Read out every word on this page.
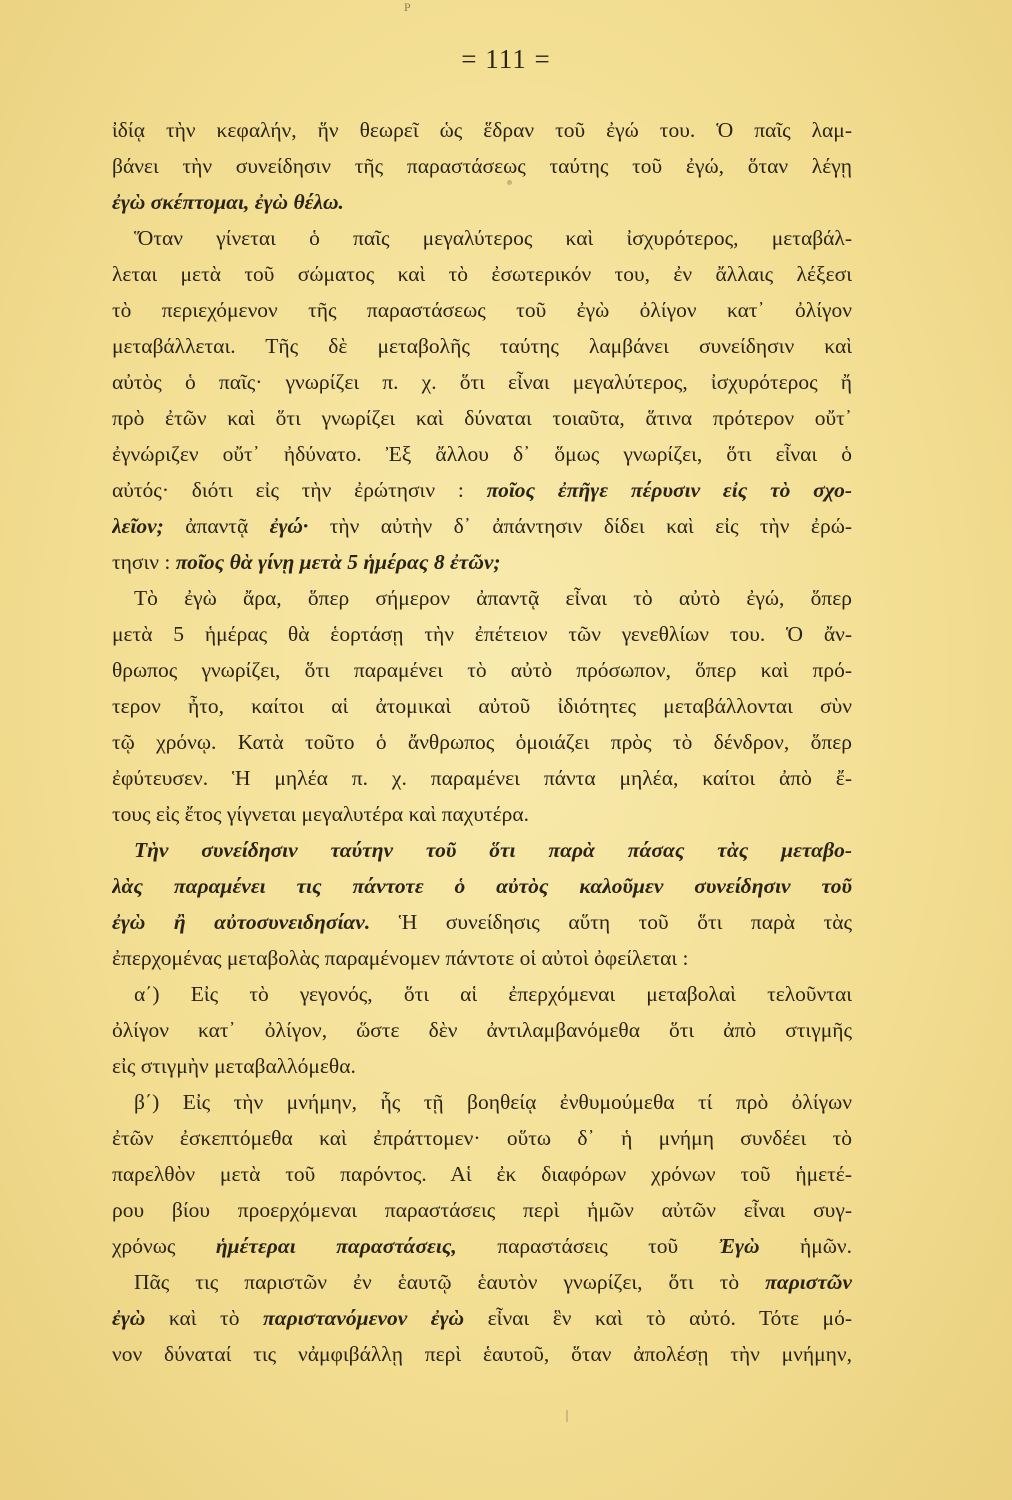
P
= 111 =
ἰδίᾳ τὴν κεφαλήν, ἥν θεωρεῖ ὡς ἕδραν τοῦ ἐγώ του. Ὁ παῖς λαμ-
βάνει τὴν συνείδησιν τῆς παραστάσεως ταύτης τοῦ ἐγώ, ὅταν λέγῃ
ἐγὼ σκέπτομαι, ἐγὼ θέλω.
Ὅταν γίνεται ὁ παῖς μεγαλύτερος καὶ ἰσχυρότερος, μεταβάλ-
λεται μετὰ τοῦ σώματος καὶ τὸ ἐσωτερικόν του, ἐν ἄλλαις λέξεσι
τὸ περιεχόμενον τῆς παραστάσεως τοῦ ἐγὼ ὀλίγον κατ᾽ ὀλίγον
μεταβάλλεται. Τῆς δὲ μεταβολῆς ταύτης λαμβάνει συνείδησιν καὶ
αὐτὸς ὁ παῖς· γνωρίζει π. χ. ὅτι εἶναι μεγαλύτερος, ἰσχυρότερος ἤ
πρὸ ἐτῶν καὶ ὅτι γνωρίζει καὶ δύναται τοιαῦτα, ἅτινα πρότερον οὔτ᾽
ἐγνώριζεν οὔτ᾽ ἠδύνατο. Ἐξ ἄλλου δ᾽ ὅμως γνωρίζει, ὅτι εἶναι ὁ
αὐτός· διότι εἰς τὴν ἐρώτησιν : ποῖος ἐπῆγε πέρυσιν εἰς τὸ σχο-
λεῖον; ἀπαντᾷ ἐγώ· τὴν αὐτὴν δ᾽ ἀπάντησιν δίδει καὶ εἰς τὴν ἐρώ-
τησιν : ποῖος θὰ γίνῃ μετὰ 5 ἡμέρας 8 ἐτῶν;
Τὸ ἐγὼ ἄρα, ὅπερ σήμερον ἀπαντᾷ εἶναι τὸ αὐτὸ ἐγώ, ὅπερ
μετὰ 5 ἡμέρας θὰ ἑορτάσῃ τὴν ἐπέτειον τῶν γενεθλίων του. Ὁ ἄν-
θρωπος γνωρίζει, ὅτι παραμένει τὸ αὐτὸ πρόσωπον, ὅπερ καὶ πρό-
τερον ἦτο, καίτοι αἱ ἀτομικαὶ αὐτοῦ ἰδιότητες μεταβάλλονται σὺν
τῷ χρόνῳ. Κατὰ τοῦτο ὁ ἄνθρωπος ὁμοιάζει πρὸς τὸ δένδρον, ὅπερ
ἐφύτευσεν. Ἡ μηλέα π. χ. παραμένει πάντα μηλέα, καίτοι ἀπὸ ἔ-
τους εἰς ἔτος γίγνεται μεγαλυτέρα καὶ παχυτέρα.
Τὴν συνείδησιν ταύτην τοῦ ὅτι παρὰ πάσας τὰς μεταβο-
λὰς παραμένει τις πάντοτε ὁ αὐτὸς καλοῦμεν συνείδησιν τοῦ
ἐγὼ ἢ αὐτοσυνειδησίαν. Ἡ συνείδησις αὕτη τοῦ ὅτι παρὰ τὰς
ἐπερχομένας μεταβολὰς παραμένομεν πάντοτε οἱ αὐτοὶ ὀφείλεται :
α΄) Εἰς τὸ γεγονός, ὅτι αἱ ἐπερχόμεναι μεταβολαὶ τελοῦνται
ὀλίγον κατ᾽ ὀλίγον, ὥστε δὲν ἀντιλαμβανόμεθα ὅτι ἀπὸ στιγμῆς
εἰς στιγμὴν μεταβαλλόμεθα.
β΄) Εἰς τὴν μνήμην, ἧς τῇ βοηθείᾳ ἐνθυμούμεθα τί πρὸ ὀλίγων
ἐτῶν ἐσκεπτόμεθα καὶ ἐπράττομεν· οὕτω δ᾽ ἡ μνήμη συνδέει τὸ
παρελθὸν μετὰ τοῦ παρόντος. Αἱ ἐκ διαφόρων χρόνων τοῦ ἡμετέ-
ρου βίου προερχόμεναι παραστάσεις περὶ ἡμῶν αὐτῶν εἶναι συγ-
χρόνως ἡμέτεραι παραστάσεις, παραστάσεις τοῦ Ἐγὼ ἡμῶν.
Πᾶς τις παριστῶν ἐν ἑαυτῷ ἑαυτὸν γνωρίζει, ὅτι τὸ παριστῶν
ἐγὼ καὶ τὸ παριστανόμενον ἐγὼ εἶναι ἓν καὶ τὸ αὐτό. Τότε μό-
νον δύναταί τις νἀμφιβάλλῃ περὶ ἑαυτοῦ, ὅταν ἀπολέσῃ τὴν μνήμην,
